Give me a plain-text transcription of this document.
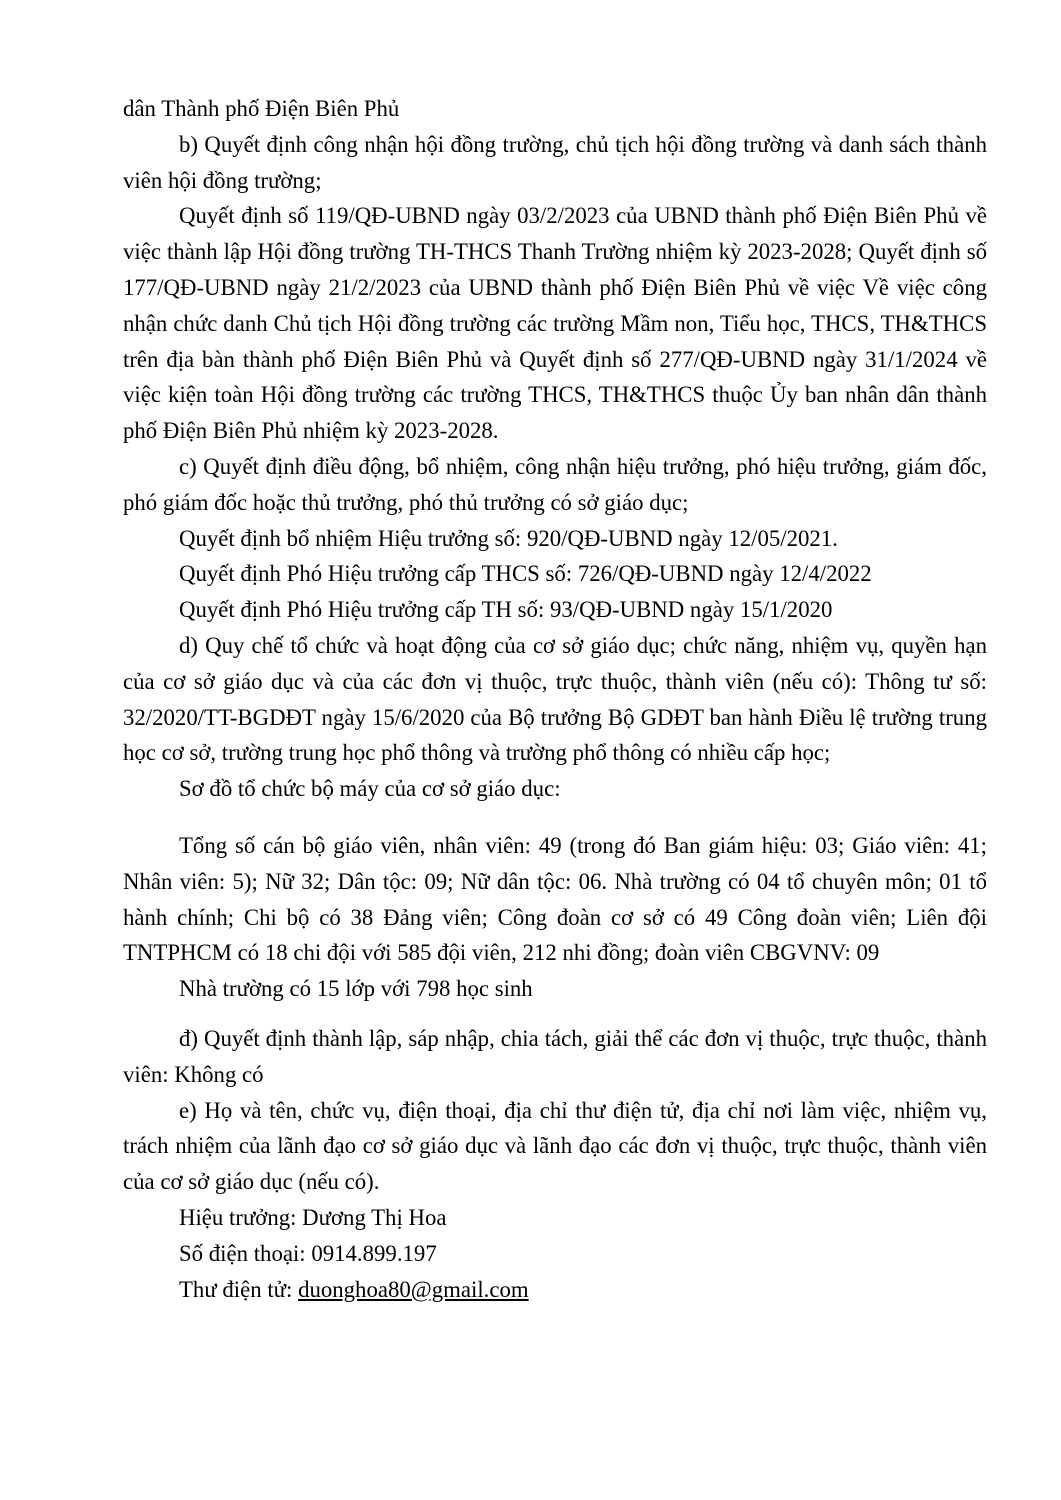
dân Thành phố Điện Biên Phủ

b) Quyết định công nhận hội đồng trường, chủ tịch hội đồng trường và danh sách thành viên hội đồng trường;

Quyết định số 119/QĐ-UBND ngày 03/2/2023 của UBND thành phố Điện Biên Phủ về việc thành lập Hội đồng trường TH-THCS Thanh Trường nhiệm kỳ 2023-2028; Quyết định số 177/QĐ-UBND ngày 21/2/2023 của UBND thành phố Điện Biên Phủ về việc Về việc công nhận chức danh Chủ tịch Hội đồng trường các trường Mầm non, Tiểu học, THCS, TH&THCS trên địa bàn thành phố Điện Biên Phủ và Quyết định số 277/QĐ-UBND ngày 31/1/2024 về việc kiện toàn Hội đồng trường các trường THCS, TH&THCS thuộc Ủy ban nhân dân thành phố Điện Biên Phủ nhiệm kỳ 2023-2028.

c) Quyết định điều động, bổ nhiệm, công nhận hiệu trưởng, phó hiệu trưởng, giám đốc, phó giám đốc hoặc thủ trưởng, phó thủ trưởng có sở giáo dục;

Quyết định bổ nhiệm Hiệu trưởng số: 920/QĐ-UBND ngày 12/05/2021.

Quyết định Phó Hiệu trưởng cấp THCS số: 726/QĐ-UBND ngày 12/4/2022

Quyết định Phó Hiệu trưởng cấp TH số: 93/QĐ-UBND ngày 15/1/2020

d) Quy chế tổ chức và hoạt động của cơ sở giáo dục; chức năng, nhiệm vụ, quyền hạn của cơ sở giáo dục và của các đơn vị thuộc, trực thuộc, thành viên (nếu có): Thông tư số: 32/2020/TT-BGDĐT ngày 15/6/2020 của Bộ trưởng Bộ GDĐT ban hành Điều lệ trường trung học cơ sở, trường trung học phổ thông và trường phổ thông có nhiều cấp học;

Sơ đồ tổ chức bộ máy của cơ sở giáo dục:

Tổng số cán bộ giáo viên, nhân viên: 49 (trong đó Ban giám hiệu: 03; Giáo viên: 41; Nhân viên: 5); Nữ 32; Dân tộc: 09; Nữ dân tộc: 06. Nhà trường có 04 tổ chuyên môn; 01 tổ hành chính; Chi bộ có 38 Đảng viên; Công đoàn cơ sở có 49 Công đoàn viên; Liên đội TNTPHCM có 18 chi đội với 585 đội viên, 212 nhi đồng; đoàn viên CBGVNV: 09

Nhà trường có 15 lớp với 798 học sinh

đ) Quyết định thành lập, sáp nhập, chia tách, giải thể các đơn vị thuộc, trực thuộc, thành viên: Không có

e) Họ và tên, chức vụ, điện thoại, địa chỉ thư điện tử, địa chỉ nơi làm việc, nhiệm vụ, trách nhiệm của lãnh đạo cơ sở giáo dục và lãnh đạo các đơn vị thuộc, trực thuộc, thành viên của cơ sở giáo dục (nếu có).

Hiệu trưởng: Dương Thị Hoa

Số điện thoại: 0914.899.197

Thư điện tử: duonghoa80@gmail.com
